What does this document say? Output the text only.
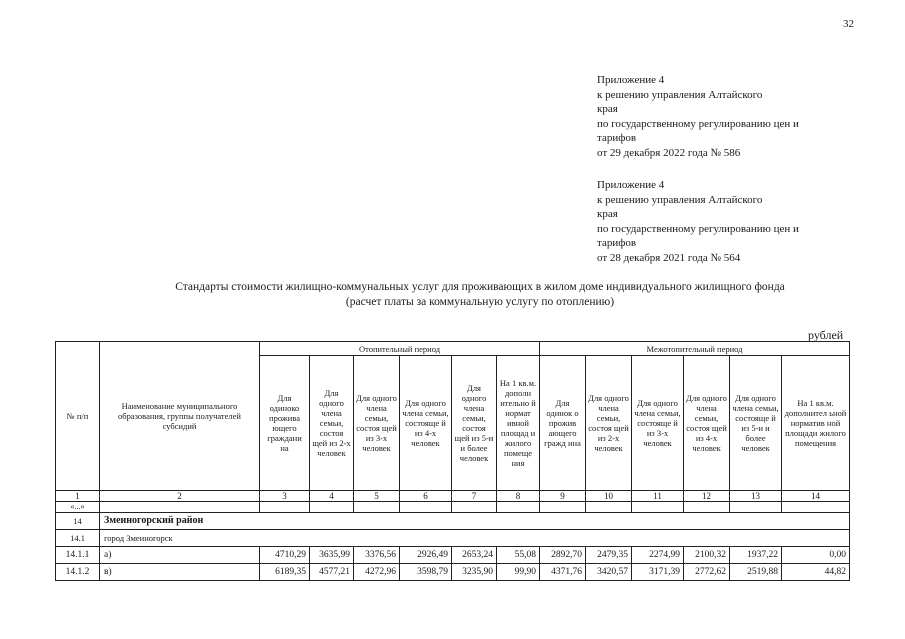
32
Приложение 4
к решению управления Алтайского
края
по государственному регулированию цен и
тарифов
от 29 декабря 2022 года № 586
Приложение 4
к решению управления Алтайского
края
по государственному регулированию цен и
тарифов
от 28 декабря 2021 года № 564
Стандарты стоимости жилищно-коммунальных услуг для проживающих в жилом доме индивидуального жилищного фонда
(расчет платы за коммунальную услугу по отоплению)
рублей
№ п/п	Наименование муниципального образования, группы получателей субсидий	Отопительный период						Межотопительный период					
		Для одиноко прожива ющего граждани на	Для одного члена семьи, состоя щей из 2-х человек	Для одного члена семьи, состоя щей из 3-х человек	Для одного члена семьи, состояще й из 4-х человек	Для одного члена семьи, состоя щей из 5-и и более человек	На 1 кв.м. дополн ительно й нормат ивной площад и жилого помеще ния	Для одинок о прожив ающего гражд ина	Для одного члена семьи, состоя щей из 2-х человек	Для одного члена семьи, состояще й из 3-х человек	Для одного члена семьи, состоя щей из 4-х человек	Для одного члена семьи, состояще й из 5-и и более человек	На 1 кв.м. дополнител ьной норматив ной площади жилого помещения
1	2	3	4	5	6	7	8	9	10	11	12	13	14
«...»													
14	Змеиногорский район												
14.1	город Змеиногорск												
14.1.1	а)	4710,29	3635,99	3376,56	2926,49	2653,24	55,08	2892,70	2479,35	2274,99	2100,32	1937,22	0,00
14.1.2	в)	6189,35	4577,21	4272,96	3598,79	3235,90	99,90	4371,76	3420,57	3171,39	2772,62	2519,88	44,82
